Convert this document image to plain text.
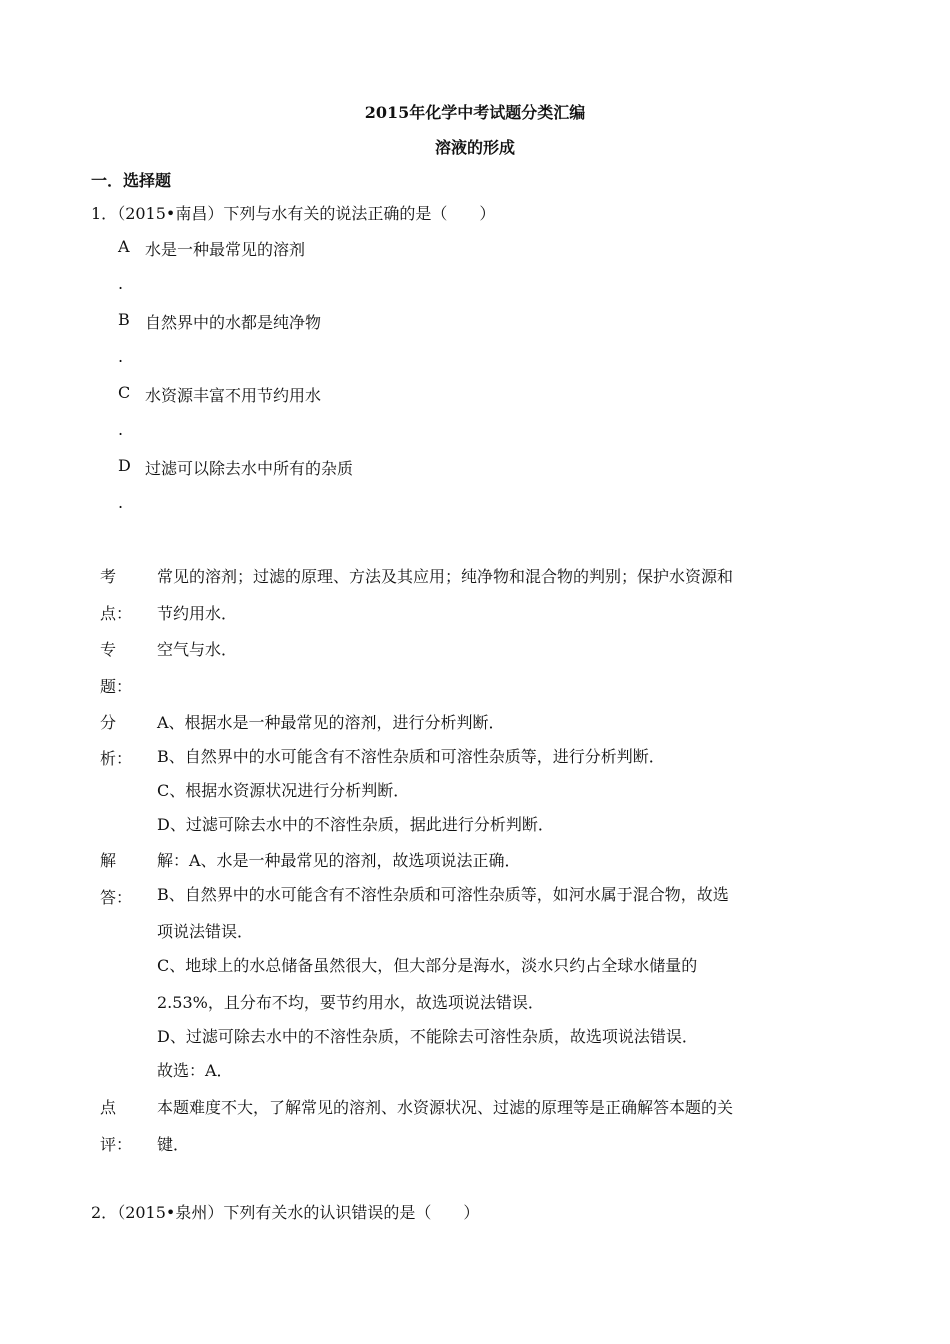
2015年化学中考试题分类汇编
溶液的形成
一．选择题
1．（2015•南昌）下列与水有关的说法正确的是（　　）
A 水是一种最常见的溶剂
.
B 自然界中的水都是纯净物
.
C 水资源丰富不用节约用水
.
D 过滤可以除去水中所有的杂质
.
考
点：
常见的溶剂；过滤的原理、方法及其应用；纯净物和混合物的判别；保护水资源和
节约用水．
专
题：
空气与水．
分
析：
A、根据水是一种最常见的溶剂，进行分析判断．
B、自然界中的水可能含有不溶性杂质和可溶性杂质等，进行分析判断．
C、根据水资源状况进行分析判断．
D、过滤可除去水中的不溶性杂质，据此进行分析判断．
解
答：
解：A、水是一种最常见的溶剂，故选项说法正确．
B、自然界中的水可能含有不溶性杂质和可溶性杂质等，如河水属于混合物，故选
项说法错误．
C、地球上的水总储备虽然很大，但大部分是海水，淡水只约占全球水储量的
2.53%，且分布不均，要节约用水，故选项说法错误．
D、过滤可除去水中的不溶性杂质，不能除去可溶性杂质，故选项说法错误．
故选：A．
点
评：
本题难度不大，了解常见的溶剂、水资源状况、过滤的原理等是正确解答本题的关
键．
2．（2015•泉州）下列有关水的认识错误的是（　　）
